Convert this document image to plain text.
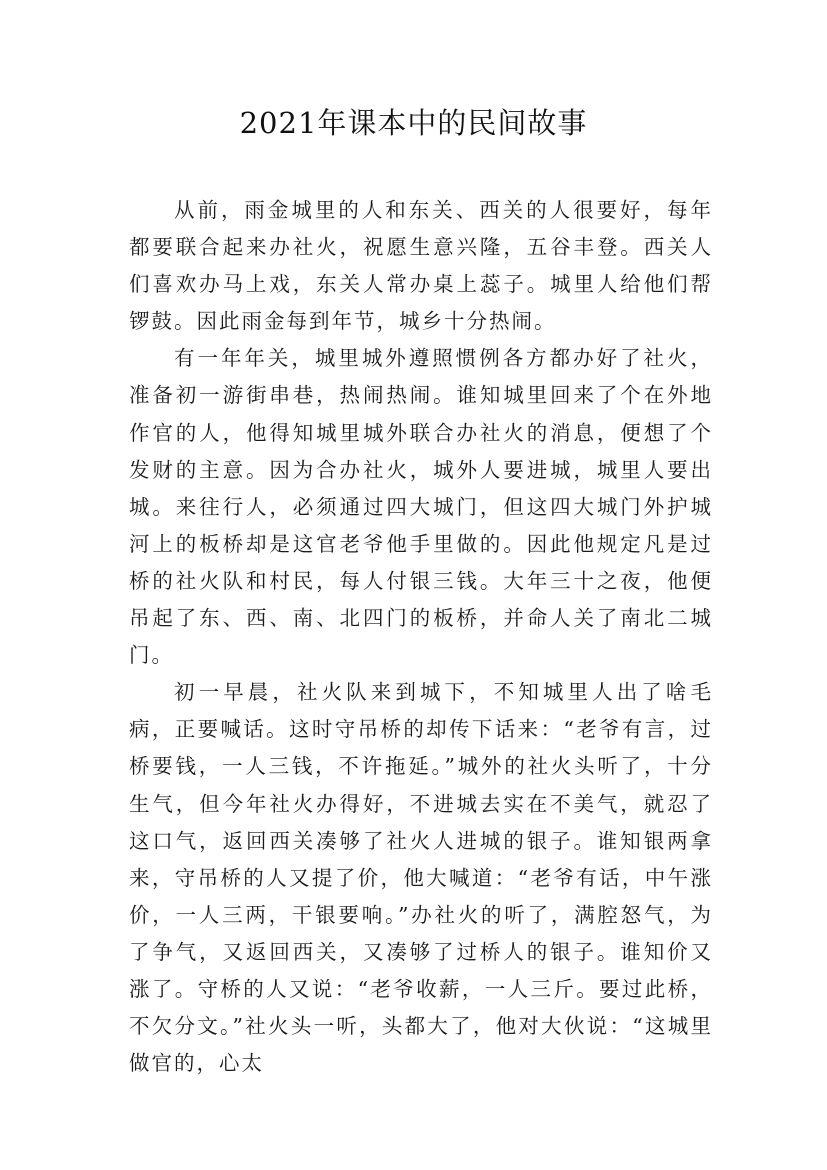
2021年课本中的民间故事

从前，雨金城里的人和东关、西关的人很要好，每年都要联合起来办社火，祝愿生意兴隆，五谷丰登。西关人们喜欢办马上戏，东关人常办桌上蕊子。城里人给他们帮锣鼓。因此雨金每到年节，城乡十分热闹。

有一年年关，城里城外遵照惯例各方都办好了社火，准备初一游街串巷，热闹热闹。谁知城里回来了个在外地作官的人，他得知城里城外联合办社火的消息，便想了个发财的主意。因为合办社火，城外人要进城，城里人要出城。来往行人，必须通过四大城门，但这四大城门外护城河上的板桥却是这官老爷他手里做的。因此他规定凡是过桥的社火队和村民，每人付银三钱。大年三十之夜，他便吊起了东、西、南、北四门的板桥，并命人关了南北二城门。

初一早晨，社火队来到城下，不知城里人出了啥毛病，正要喊话。这时守吊桥的却传下话来：“老爷有言，过桥要钱，一人三钱，不许拖延。”城外的社火头听了，十分生气，但今年社火办得好，不进城去实在不美气，就忍了这口气，返回西关凑够了社火人进城的银子。谁知银两拿来，守吊桥的人又提了价，他大喊道：“老爷有话，中午涨价，一人三两，干银要响。”办社火的听了，满腔怒气，为了争气，又返回西关，又凑够了过桥人的银子。谁知价又涨了。守桥的人又说：“老爷收薪，一人三斤。要过此桥，不欠分文。”社火头一听，头都大了，他对大伙说：“这城里做官的，心太
